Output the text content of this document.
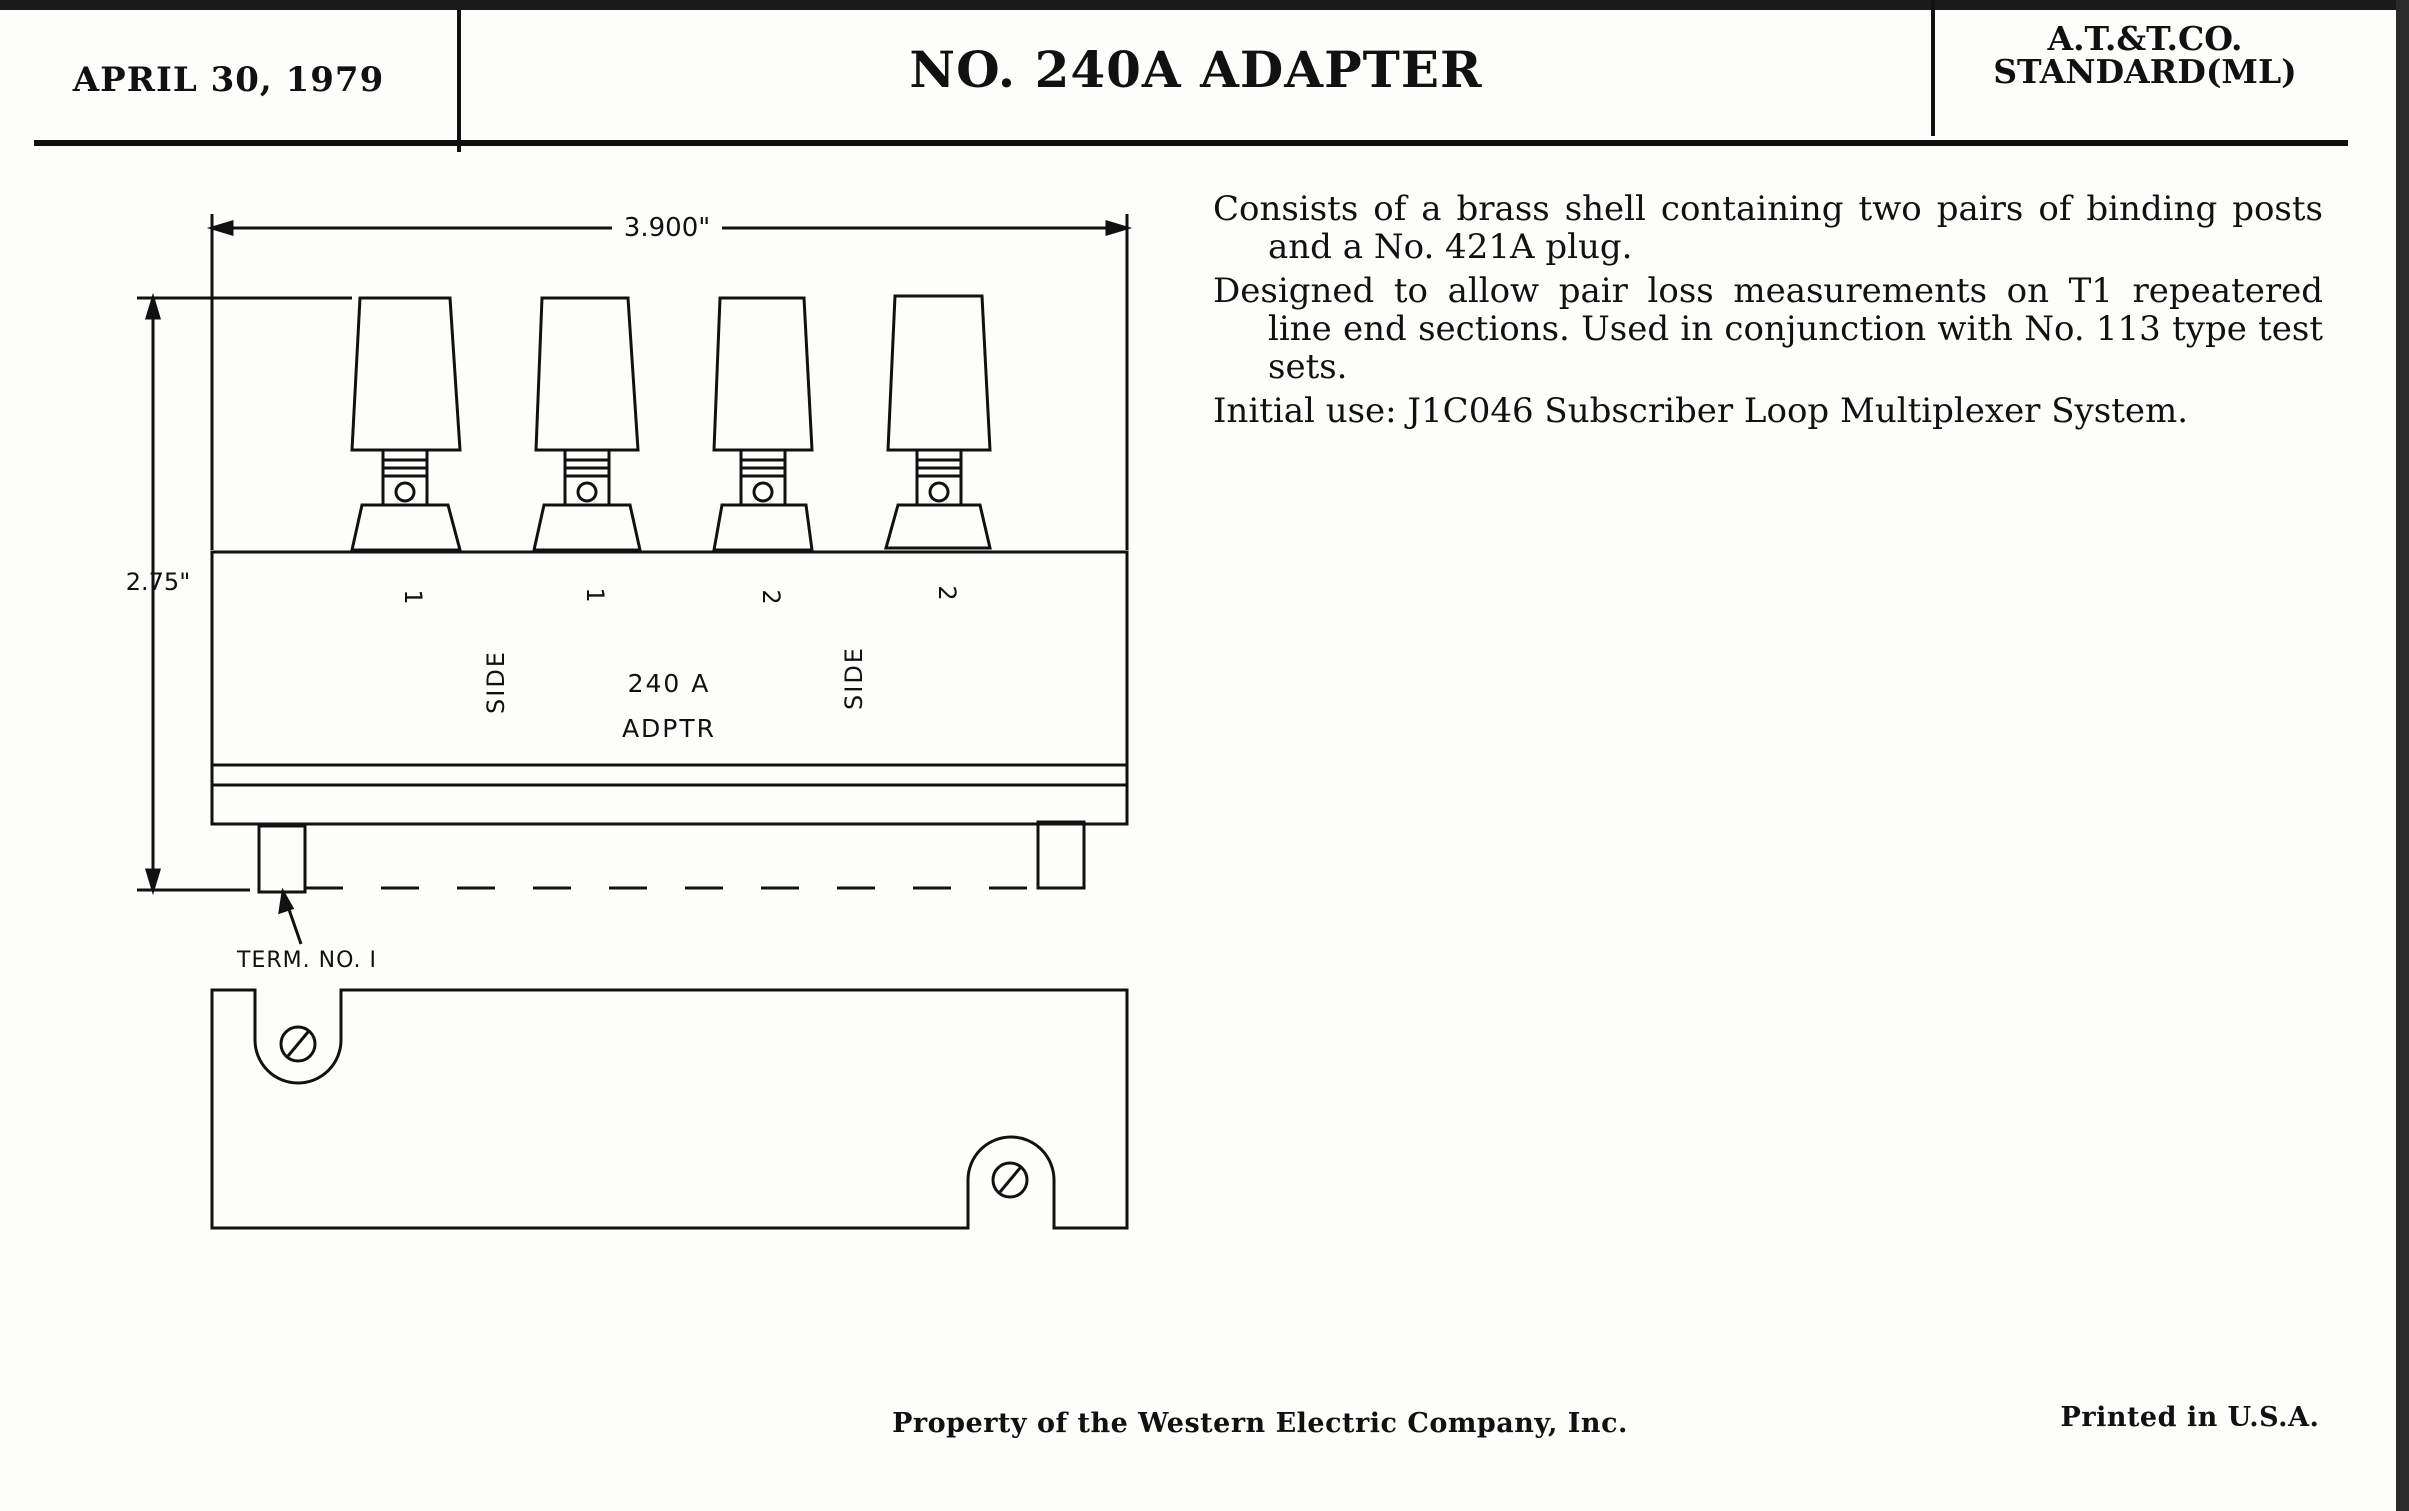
APRIL 30, 1979	NO. 240A ADAPTER
A.T.&T.CO.
STANDARD(ML)

Consists of a brass shell containing two pairs of binding posts and a No. 421A plug.

Designed to allow pair loss measurements on T1 repeatered line end sections. Used in conjunction with No. 113 type test sets.

Initial use: J1C046 Subscriber Loop Multiplexer System.

3.900"
2.75"
1	1	2	2
SIDE	SIDE
240 A
ADPTR
TERM. NO. I
Property of the Western Electric Company, Inc.	Printed in U.S.A.
